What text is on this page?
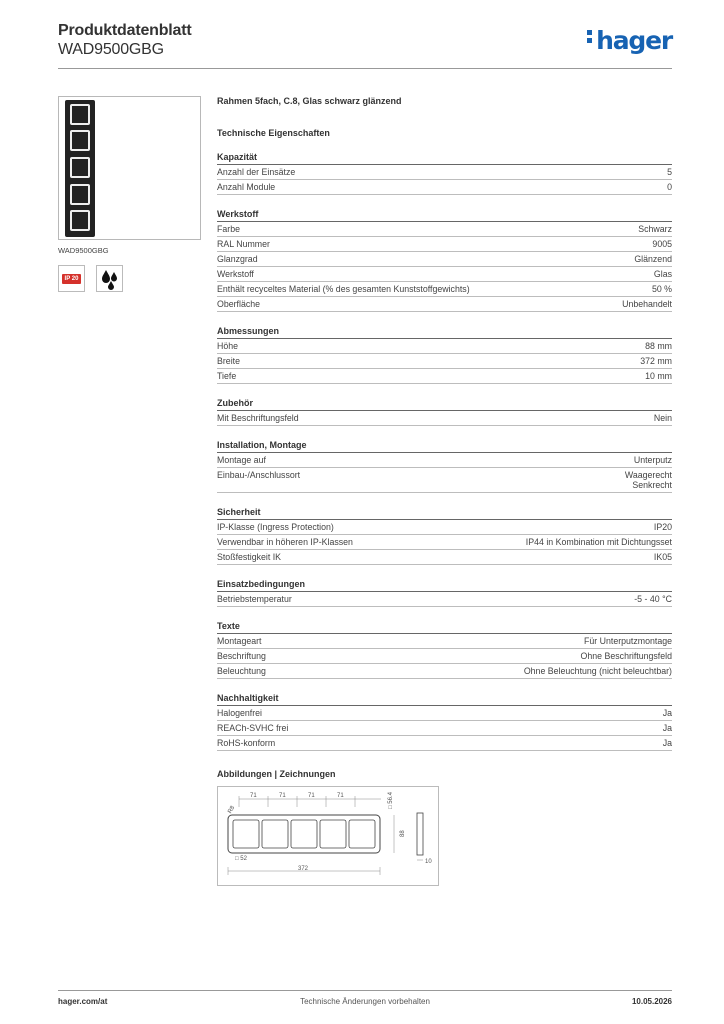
Produktdatenblatt
WAD9500GBG	hager
WAD9500GBG
IP 20
Rahmen 5fach, C.8, Glas schwarz glänzend
Technische Eigenschaften
Kapazität
Anzahl der Einsätze	5
Anzahl Module	0
Werkstoff
Farbe	Schwarz
RAL Nummer	9005
Glanzgrad	Glänzend
Werkstoff	Glas
Enthält recyceltes Material (% des gesamten Kunststoffgewichts)	50 %
Oberfläche	Unbehandelt
Abmessungen
Höhe	88 mm
Breite	372 mm
Tiefe	10 mm
Zubehör
Mit Beschriftungsfeld	Nein
Installation, Montage
Montage auf	Unterputz
Einbau-/Anschlussort	Waagerecht
Senkrecht
Sicherheit
IP-Klasse (Ingress Protection)	IP20
Verwendbar in höheren IP-Klassen	IP44 in Kombination mit Dichtungsset
Stoßfestigkeit IK	IK05
Einsatzbedingungen
Betriebstemperatur	-5 - 40 °C
Texte
Montageart	Für Unterputzmontage
Beschriftung	Ohne Beschriftungsfeld
Beleuchtung	Ohne Beleuchtung (nicht beleuchtbar)
Nachhaltigkeit
Halogenfrei	Ja
REACh-SVHC frei	Ja
RoHS-konform	Ja
Abbildungen | Zeichnungen
71	71	71	71
R8
□ 56.4
88
10
□ 52
372
hager.com/at	Technische Änderungen vorbehalten	10.05.2026
